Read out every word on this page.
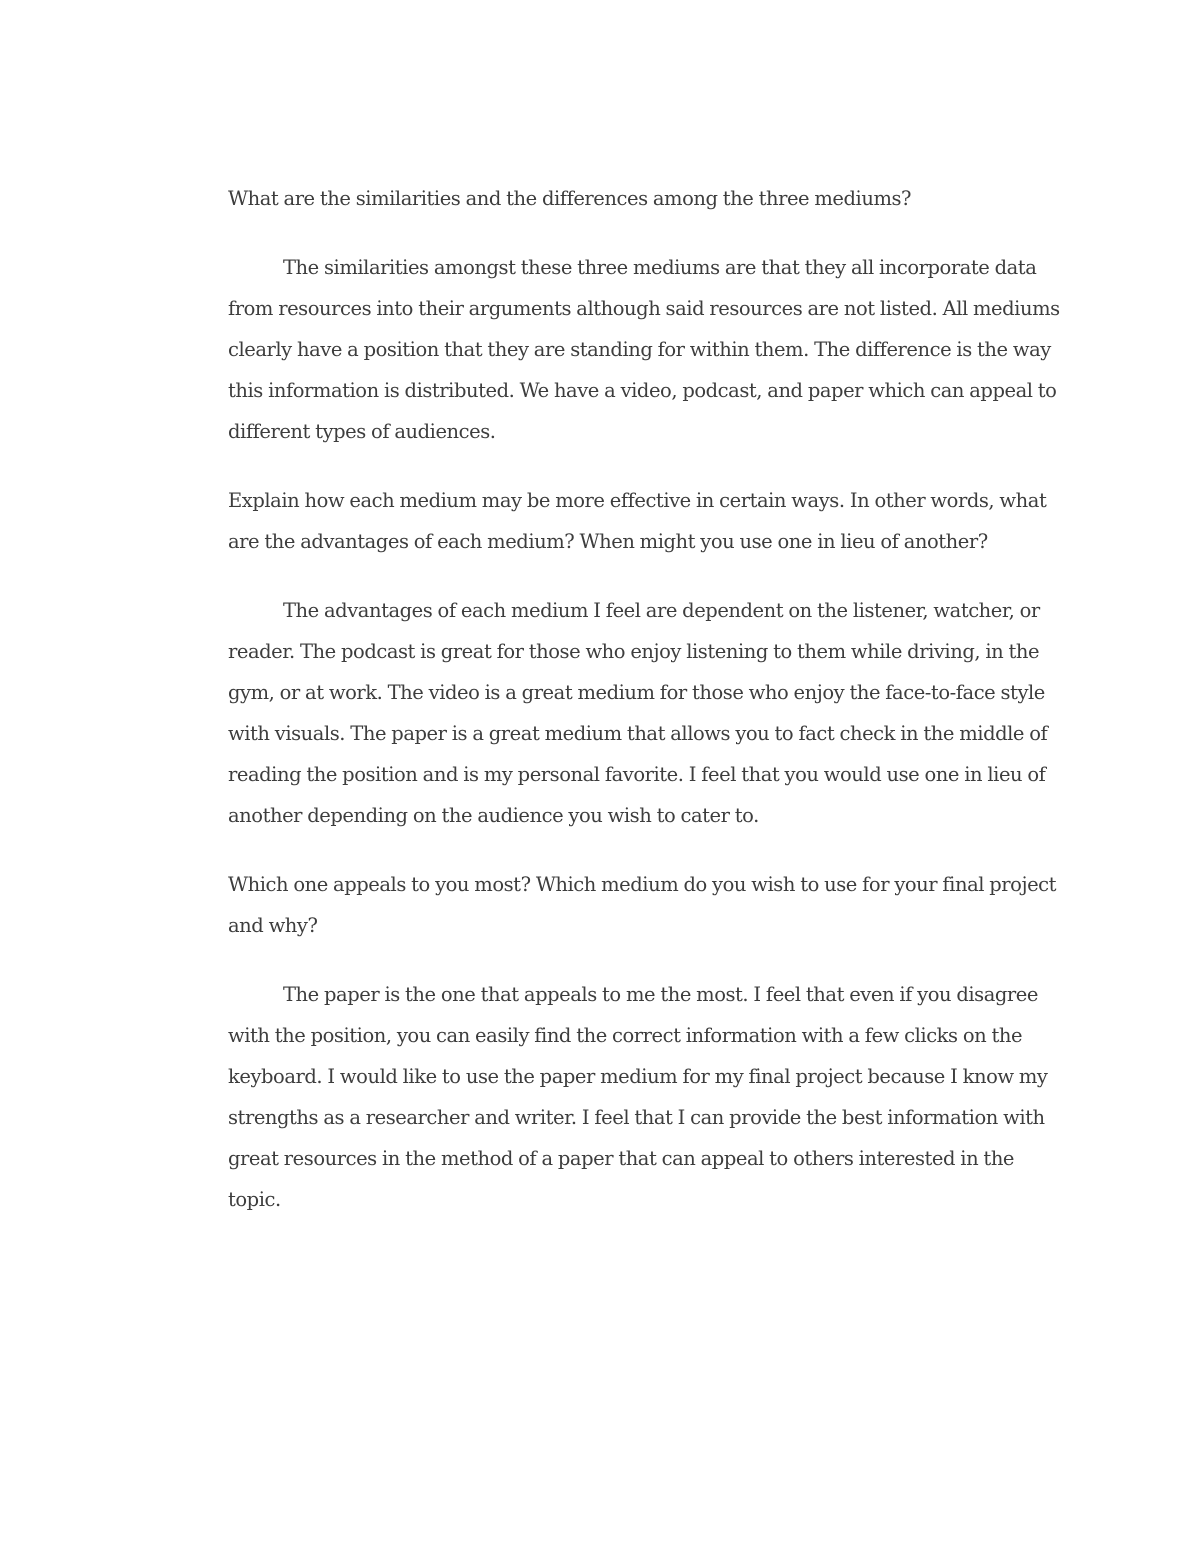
What are the similarities and the differences among the three mediums?

The similarities amongst these three mediums are that they all incorporate data from resources into their arguments although said resources are not listed. All mediums clearly have a position that they are standing for within them. The difference is the way this information is distributed. We have a video, podcast, and paper which can appeal to different types of audiences.

Explain how each medium may be more effective in certain ways. In other words, what are the advantages of each medium? When might you use one in lieu of another?

The advantages of each medium I feel are dependent on the listener, watcher, or reader. The podcast is great for those who enjoy listening to them while driving, in the gym, or at work. The video is a great medium for those who enjoy the face-to-face style with visuals. The paper is a great medium that allows you to fact check in the middle of reading the position and is my personal favorite. I feel that you would use one in lieu of another depending on the audience you wish to cater to.

Which one appeals to you most? Which medium do you wish to use for your final project and why?

The paper is the one that appeals to me the most. I feel that even if you disagree with the position, you can easily find the correct information with a few clicks on the keyboard. I would like to use the paper medium for my final project because I know my strengths as a researcher and writer. I feel that I can provide the best information with great resources in the method of a paper that can appeal to others interested in the topic.
